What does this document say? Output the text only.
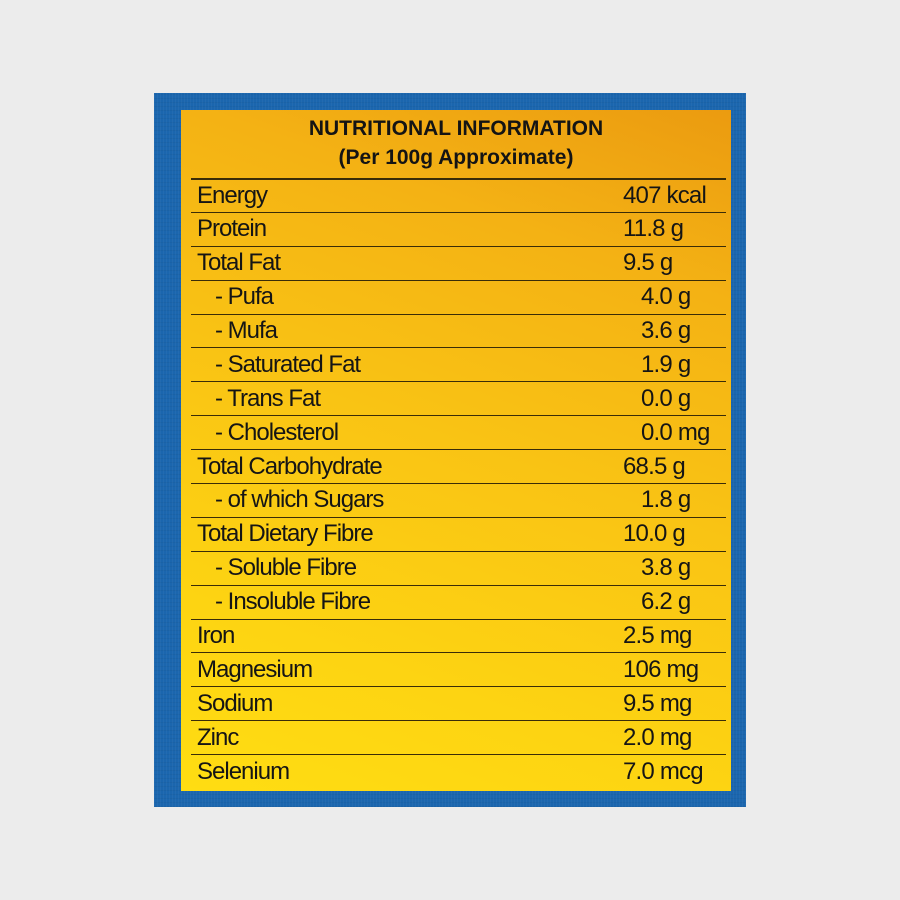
NUTRITIONAL INFORMATION
(Per 100g Approximate)
Energy	407 kcal
Protein	11.8 g
Total Fat	9.5 g
- Pufa	4.0 g
- Mufa	3.6 g
- Saturated Fat	1.9 g
- Trans Fat	0.0 g
- Cholesterol	0.0 mg
Total Carbohydrate	68.5 g
- of which Sugars	1.8 g
Total Dietary Fibre	10.0 g
- Soluble Fibre	3.8 g
- Insoluble Fibre	6.2 g
Iron	2.5 mg
Magnesium	106 mg
Sodium	9.5 mg
Zinc	2.0 mg
Selenium	7.0 mcg
